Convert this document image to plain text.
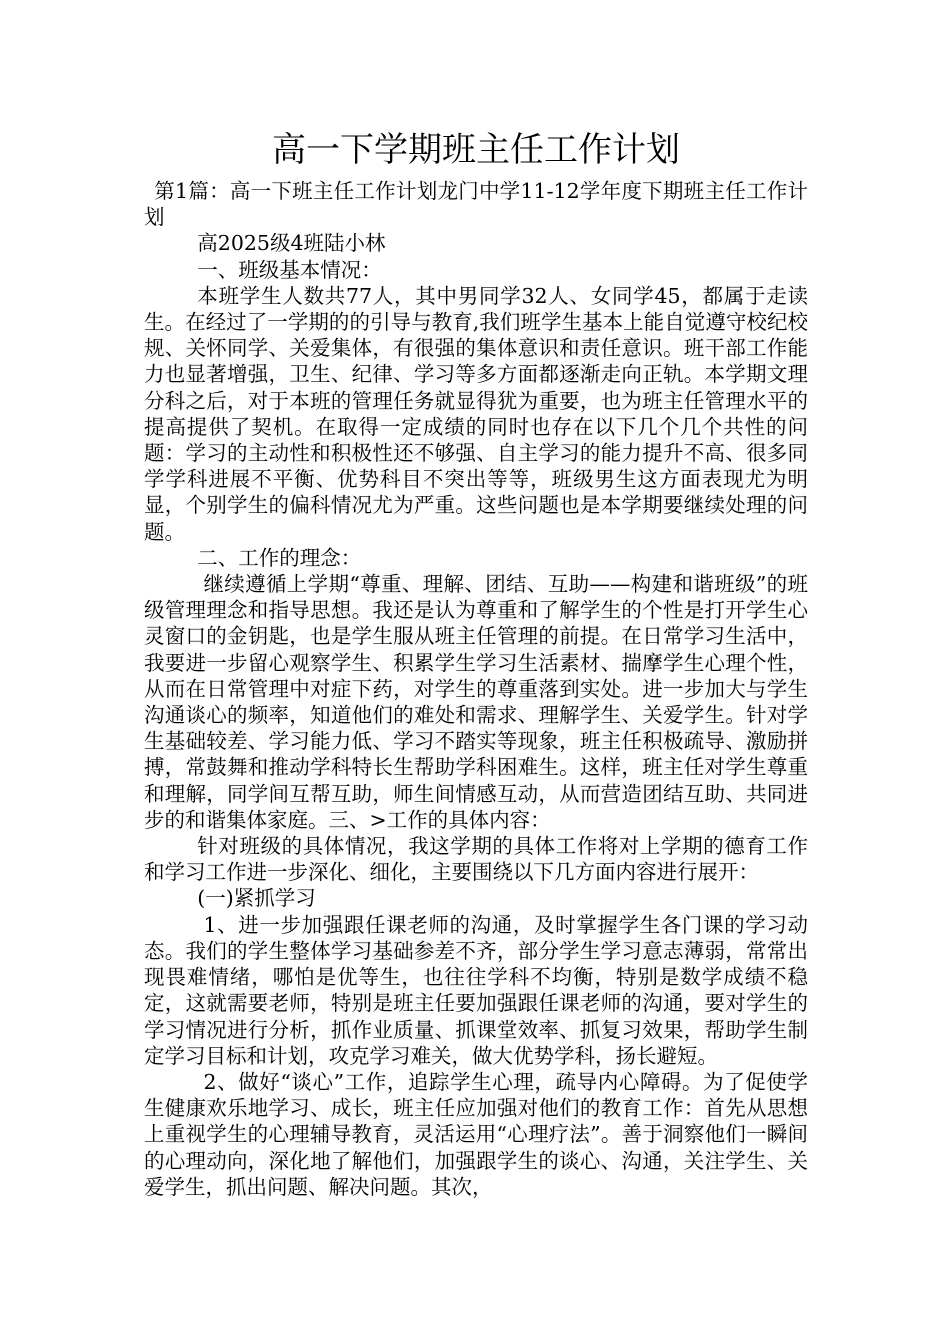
高一下学期班主任工作计划

第1篇：高一下班主任工作计划龙门中学11-12学年度下期班主任工作计划

高2025级4班陆小林

一、班级基本情况：

本班学生人数共77人，其中男同学32人、女同学45，都属于走读生。在经过了一学期的的引导与教育,我们班学生基本上能自觉遵守校纪校规、关怀同学、关爱集体，有很强的集体意识和责任意识。班干部工作能力也显著增强，卫生、纪律、学习等多方面都逐渐走向正轨。本学期文理分科之后，对于本班的管理任务就显得犹为重要，也为班主任管理水平的提高提供了契机。在取得一定成绩的同时也存在以下几个几个共性的问题：学习的主动性和积极性还不够强、自主学习的能力提升不高、很多同学学科进展不平衡、优势科目不突出等等，班级男生这方面表现尤为明显，个别学生的偏科情况尤为严重。这些问题也是本学期要继续处理的问题。

二、工作的理念：

继续遵循上学期“尊重、理解、团结、互助——构建和谐班级”的班级管理理念和指导思想。我还是认为尊重和了解学生的个性是打开学生心灵窗口的金钥匙，也是学生服从班主任管理的前提。在日常学习生活中，我要进一步留心观察学生、积累学生学习生活素材、揣摩学生心理个性，从而在日常管理中对症下药，对学生的尊重落到实处。进一步加大与学生沟通谈心的频率，知道他们的难处和需求、理解学生、关爱学生。针对学生基础较差、学习能力低、学习不踏实等现象，班主任积极疏导、激励拼搏，常鼓舞和推动学科特长生帮助学科困难生。这样，班主任对学生尊重和理解，同学间互帮互助，师生间情感互动，从而营造团结互助、共同进步的和谐集体家庭。三、>工作的具体内容：

针对班级的具体情况，我这学期的具体工作将对上学期的德育工作和学习工作进一步深化、细化，主要围绕以下几方面内容进行展开：

(一)紧抓学习

1、进一步加强跟任课老师的沟通，及时掌握学生各门课的学习动态。我们的学生整体学习基础参差不齐，部分学生学习意志薄弱，常常出现畏难情绪，哪怕是优等生，也往往学科不均衡，特别是数学成绩不稳定，这就需要老师，特别是班主任要加强跟任课老师的沟通，要对学生的学习情况进行分析，抓作业质量、抓课堂效率、抓复习效果，帮助学生制定学习目标和计划，攻克学习难关，做大优势学科，扬长避短。

2、做好“谈心”工作，追踪学生心理，疏导内心障碍。为了促使学生健康欢乐地学习、成长，班主任应加强对他们的教育工作：首先从思想上重视学生的心理辅导教育，灵活运用“心理疗法”。善于洞察他们一瞬间的心理动向，深化地了解他们，加强跟学生的谈心、沟通，关注学生、关爱学生，抓出问题、解决问题。其次，
